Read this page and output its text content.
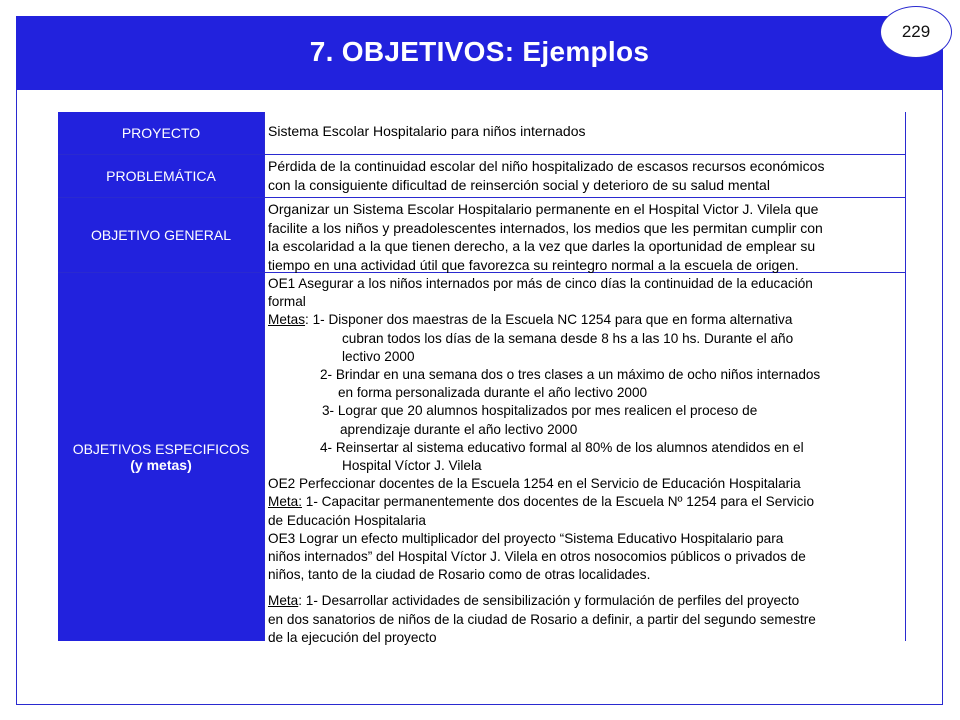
7. OBJETIVOS: Ejemplos
229
PROYECTO	Sistema Escolar Hospitalario para niños internados
PROBLEMÁTICA
Pérdida de la continuidad escolar del niño hospitalizado de escasos recursos económicos
con la consiguiente dificultad de reinserción social y deterioro de su salud mental
OBJETIVO GENERAL
Organizar un Sistema Escolar Hospitalario permanente en el Hospital Victor J. Vilela que
facilite a los niños y preadolescentes internados, los medios que les permitan cumplir con
la escolaridad a la que tienen derecho, a la vez que darles la oportunidad de emplear su
tiempo en una actividad útil que favorezca su reintegro normal a la escuela de origen.
OBJETIVOS ESPECIFICOS
(y metas)
OE1 Asegurar a los niños internados por más de cinco días la continuidad de la educación
formal
Metas: 1- Disponer dos maestras de la Escuela NC 1254 para que en forma alternativa
cubran todos los días de la semana desde 8 hs a las 10 hs. Durante el año
lectivo 2000
2- Brindar en una semana dos o tres clases a un máximo de ocho niños internados
en forma personalizada durante el año lectivo 2000
3- Lograr que 20 alumnos hospitalizados por mes realicen el proceso de
aprendizaje durante el año lectivo 2000
4- Reinsertar al sistema educativo formal al 80% de los alumnos atendidos en el
Hospital Víctor J. Vilela
OE2 Perfeccionar docentes de la Escuela 1254 en el Servicio de Educación Hospitalaria
Meta: 1- Capacitar permanentemente dos docentes de la Escuela Nº 1254 para el Servicio
de Educación Hospitalaria
OE3 Lograr un efecto multiplicador del proyecto “Sistema Educativo Hospitalario para
niños internados” del Hospital Víctor J. Vilela en otros nosocomios públicos o privados de
niños, tanto de la ciudad de Rosario como de otras localidades.
Meta: 1- Desarrollar actividades de sensibilización y formulación de perfiles del proyecto
en dos sanatorios de niños de la ciudad de Rosario a definir, a partir del segundo semestre
de la ejecución del proyecto
